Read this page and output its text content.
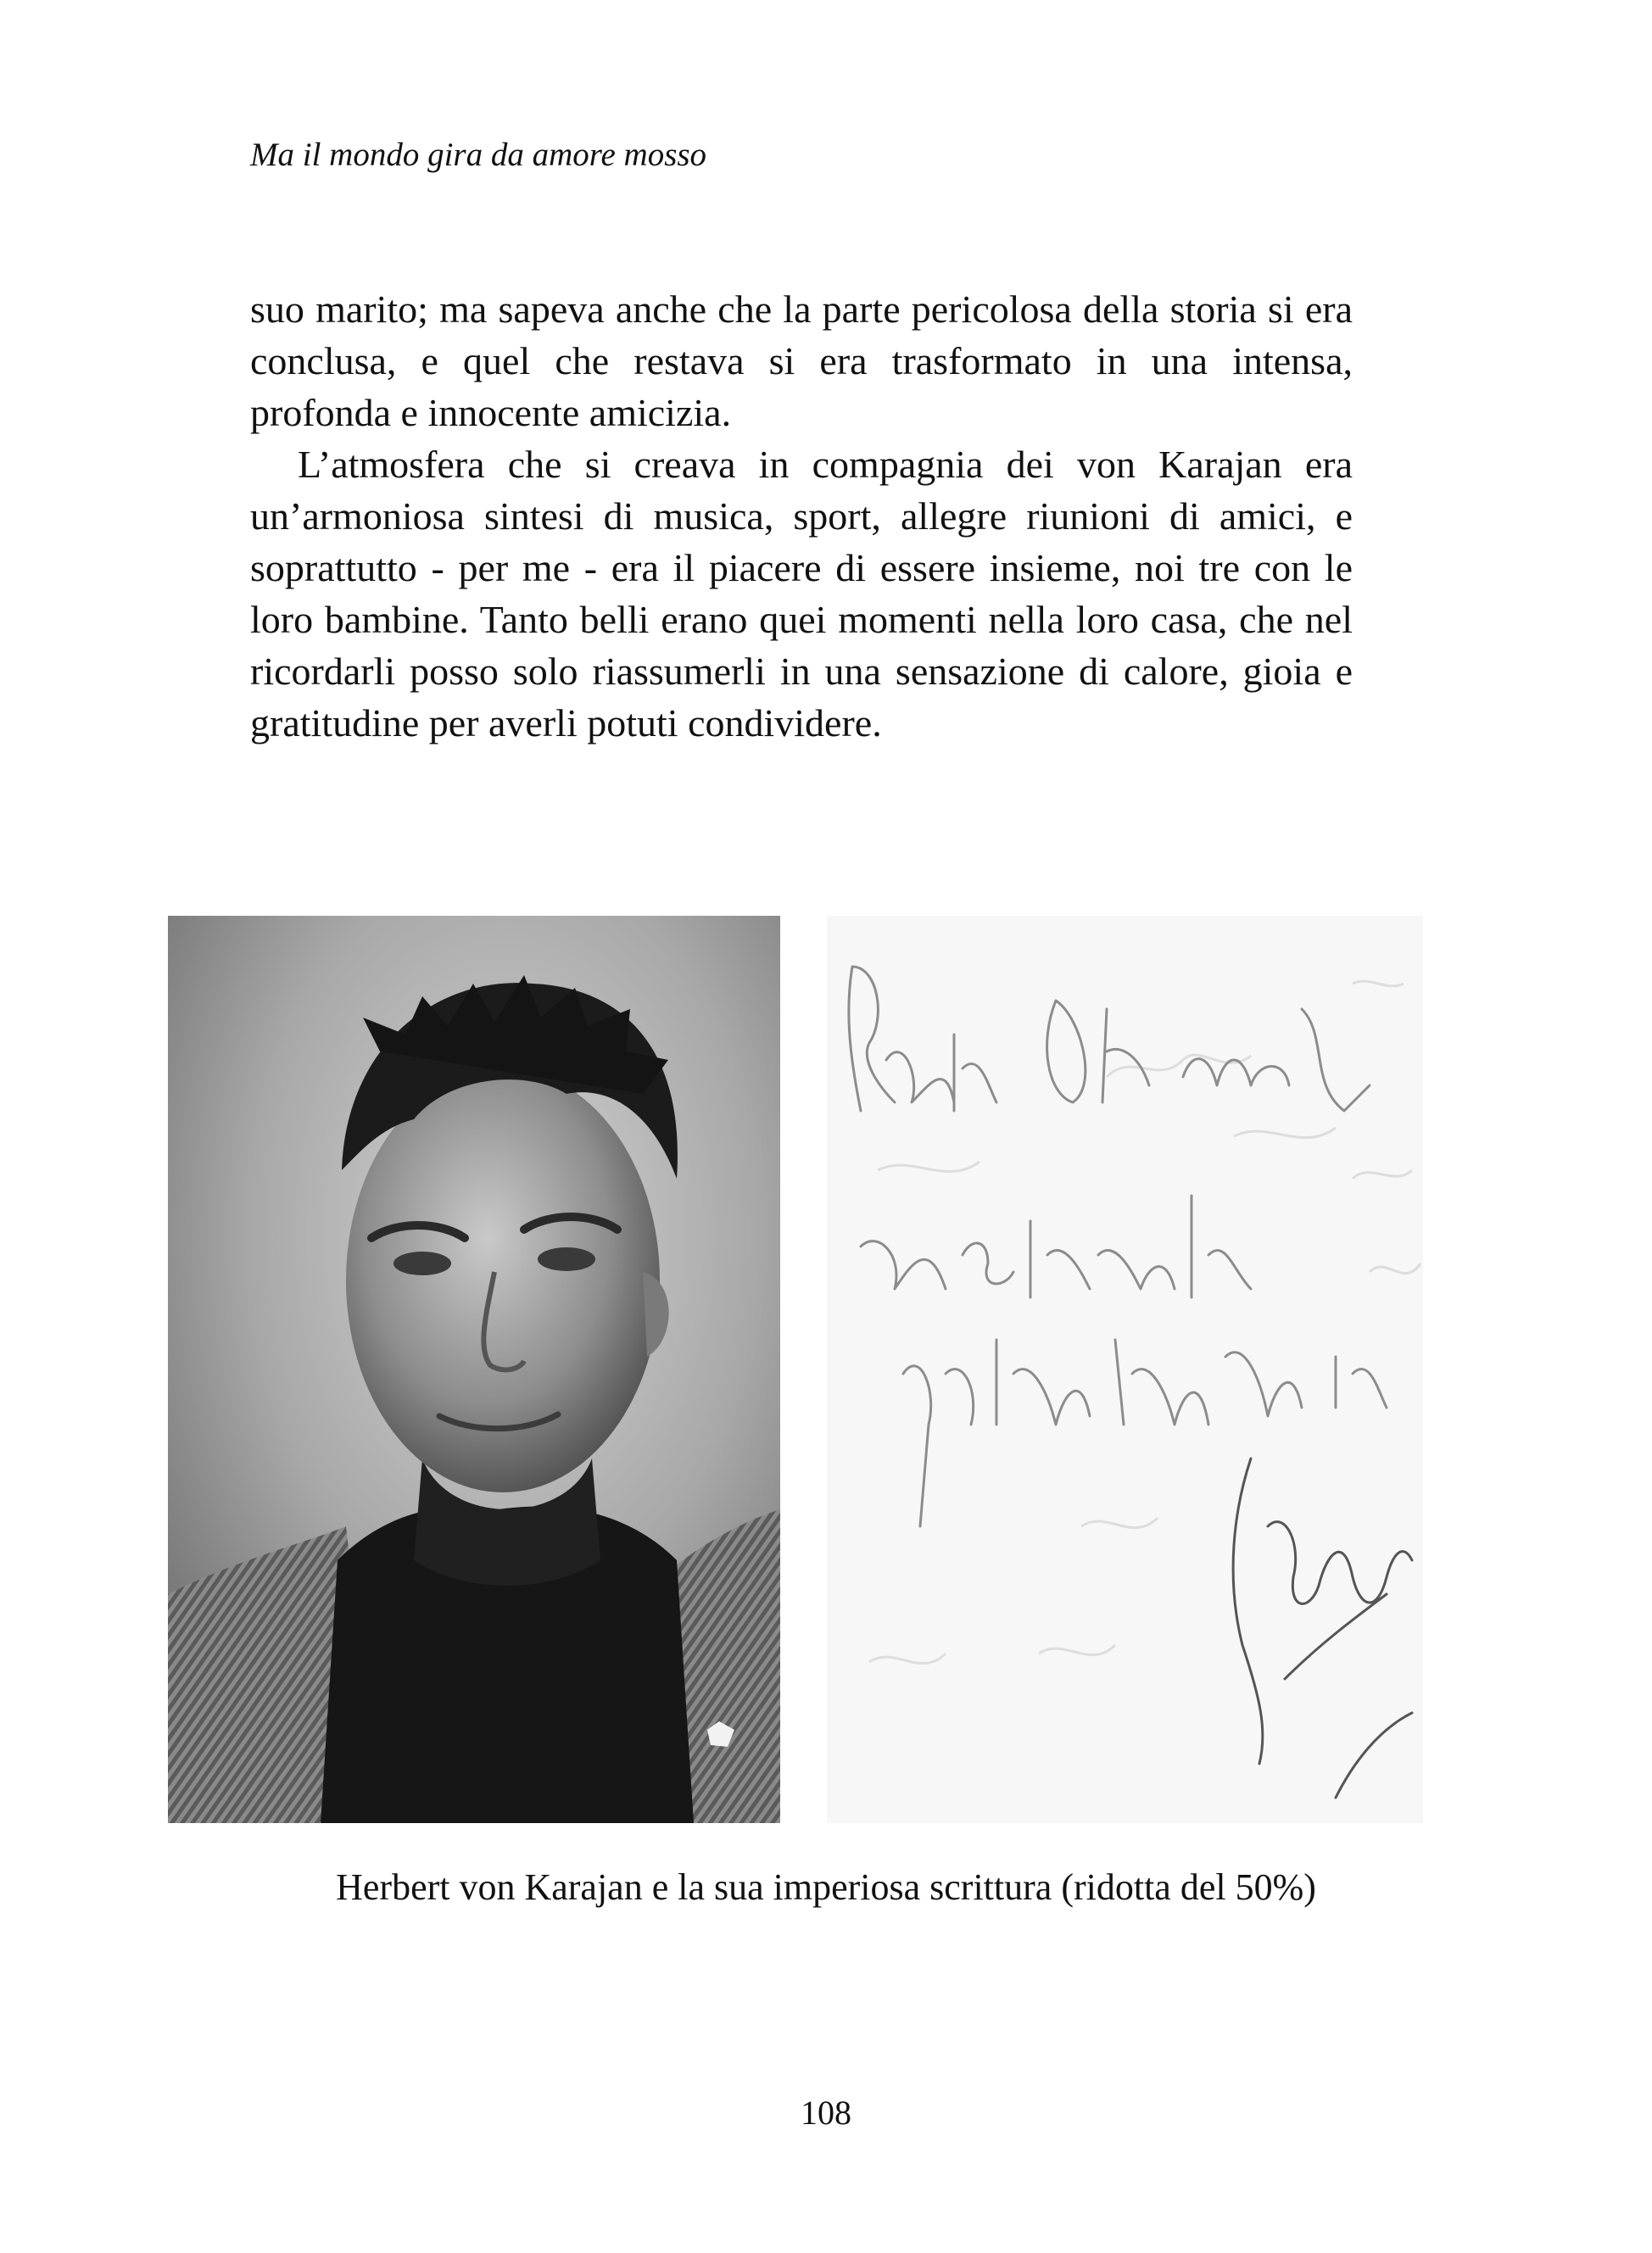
Ma il mondo gira da amore mosso

suo marito; ma sapeva anche che la parte pericolosa della storia si era conclusa, e quel che restava si era trasformato in una intensa, profonda e innocente amicizia.

L’atmosfera che si creava in compagnia dei von Karajan era un’armoniosa sintesi di musica, sport, allegre riunioni di amici, e soprattutto - per me - era il piacere di essere insieme, noi tre con le loro bambine. Tanto belli erano quei momenti nella loro casa, che nel ricordarli posso solo riassumerli in una sensazione di calore, gioia e gratitudine per averli potuti condividere.

Herbert von Karajan e la sua imperiosa scrittura (ridotta del 50%)
108
